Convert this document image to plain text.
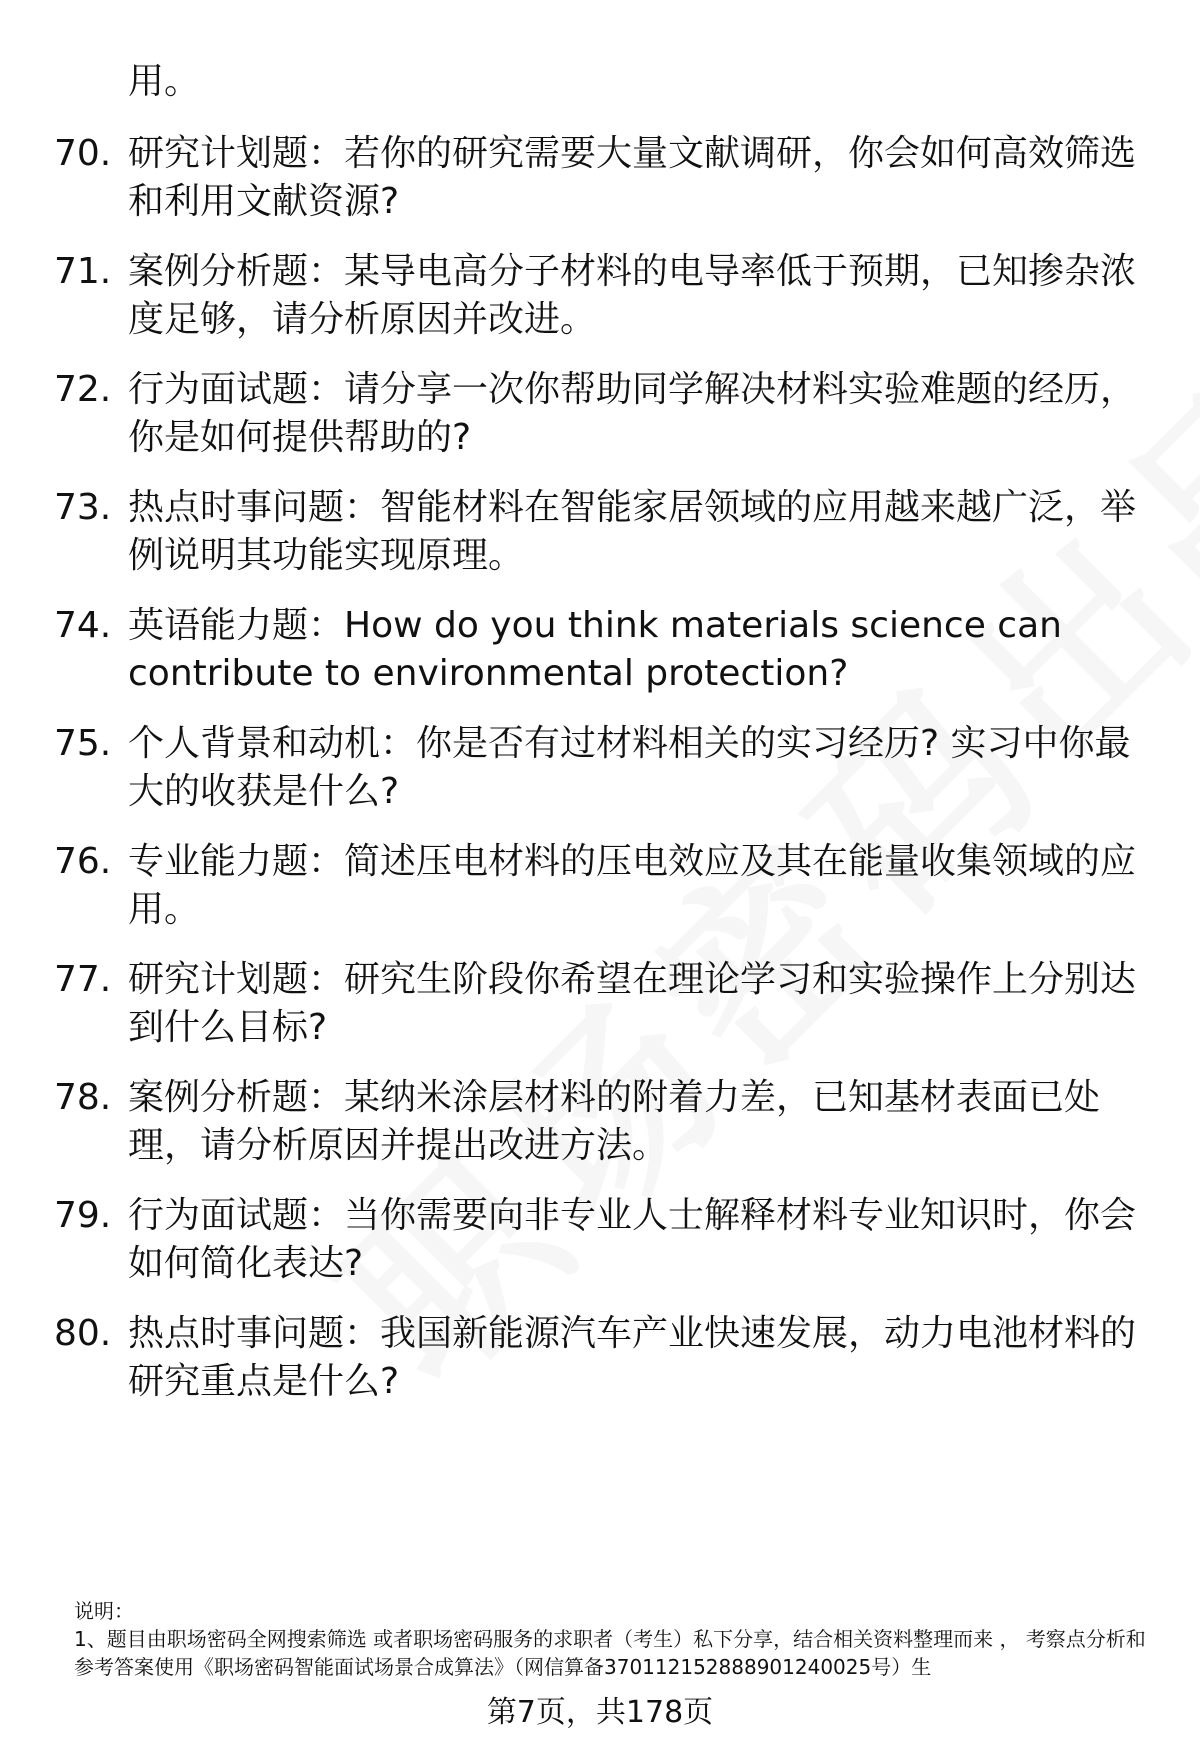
用。
70. 研究计划题：若你的研究需要大量文献调研，你会如何高效筛选和利用文献资源?
71. 案例分析题：某导电高分子材料的电导率低于预期，已知掺杂浓度足够，请分析原因并改进。
72. 行为面试题：请分享一次你帮助同学解决材料实验难题的经历，你是如何提供帮助的?
73. 热点时事问题：智能材料在智能家居领域的应用越来越广泛，举例说明其功能实现原理。
74. 英语能力题：How do you think materials science can contribute to environmental protection?
75. 个人背景和动机：你是否有过材料相关的实习经历? 实习中你最大的收获是什么?
76. 专业能力题：简述压电材料的压电效应及其在能量收集领域的应用。
77. 研究计划题：研究生阶段你希望在理论学习和实验操作上分别达到什么目标?
78. 案例分析题：某纳米涂层材料的附着力差，已知基材表面已处理，请分析原因并提出改进方法。
79. 行为面试题：当你需要向非专业人士解释材料专业知识时，你会如何简化表达?
80. 热点时事问题：我国新能源汽车产业快速发展，动力电池材料的研究重点是什么?
说明：
1、题目由职场密码全网搜索筛选 或者职场密码服务的求职者（考生）私下分享，结合相关资料整理而来 ， 考察点分析和参考答案使用《职场密码智能面试场景合成算法》（网信算备370112152888901240025号）生
第7页，共178页
